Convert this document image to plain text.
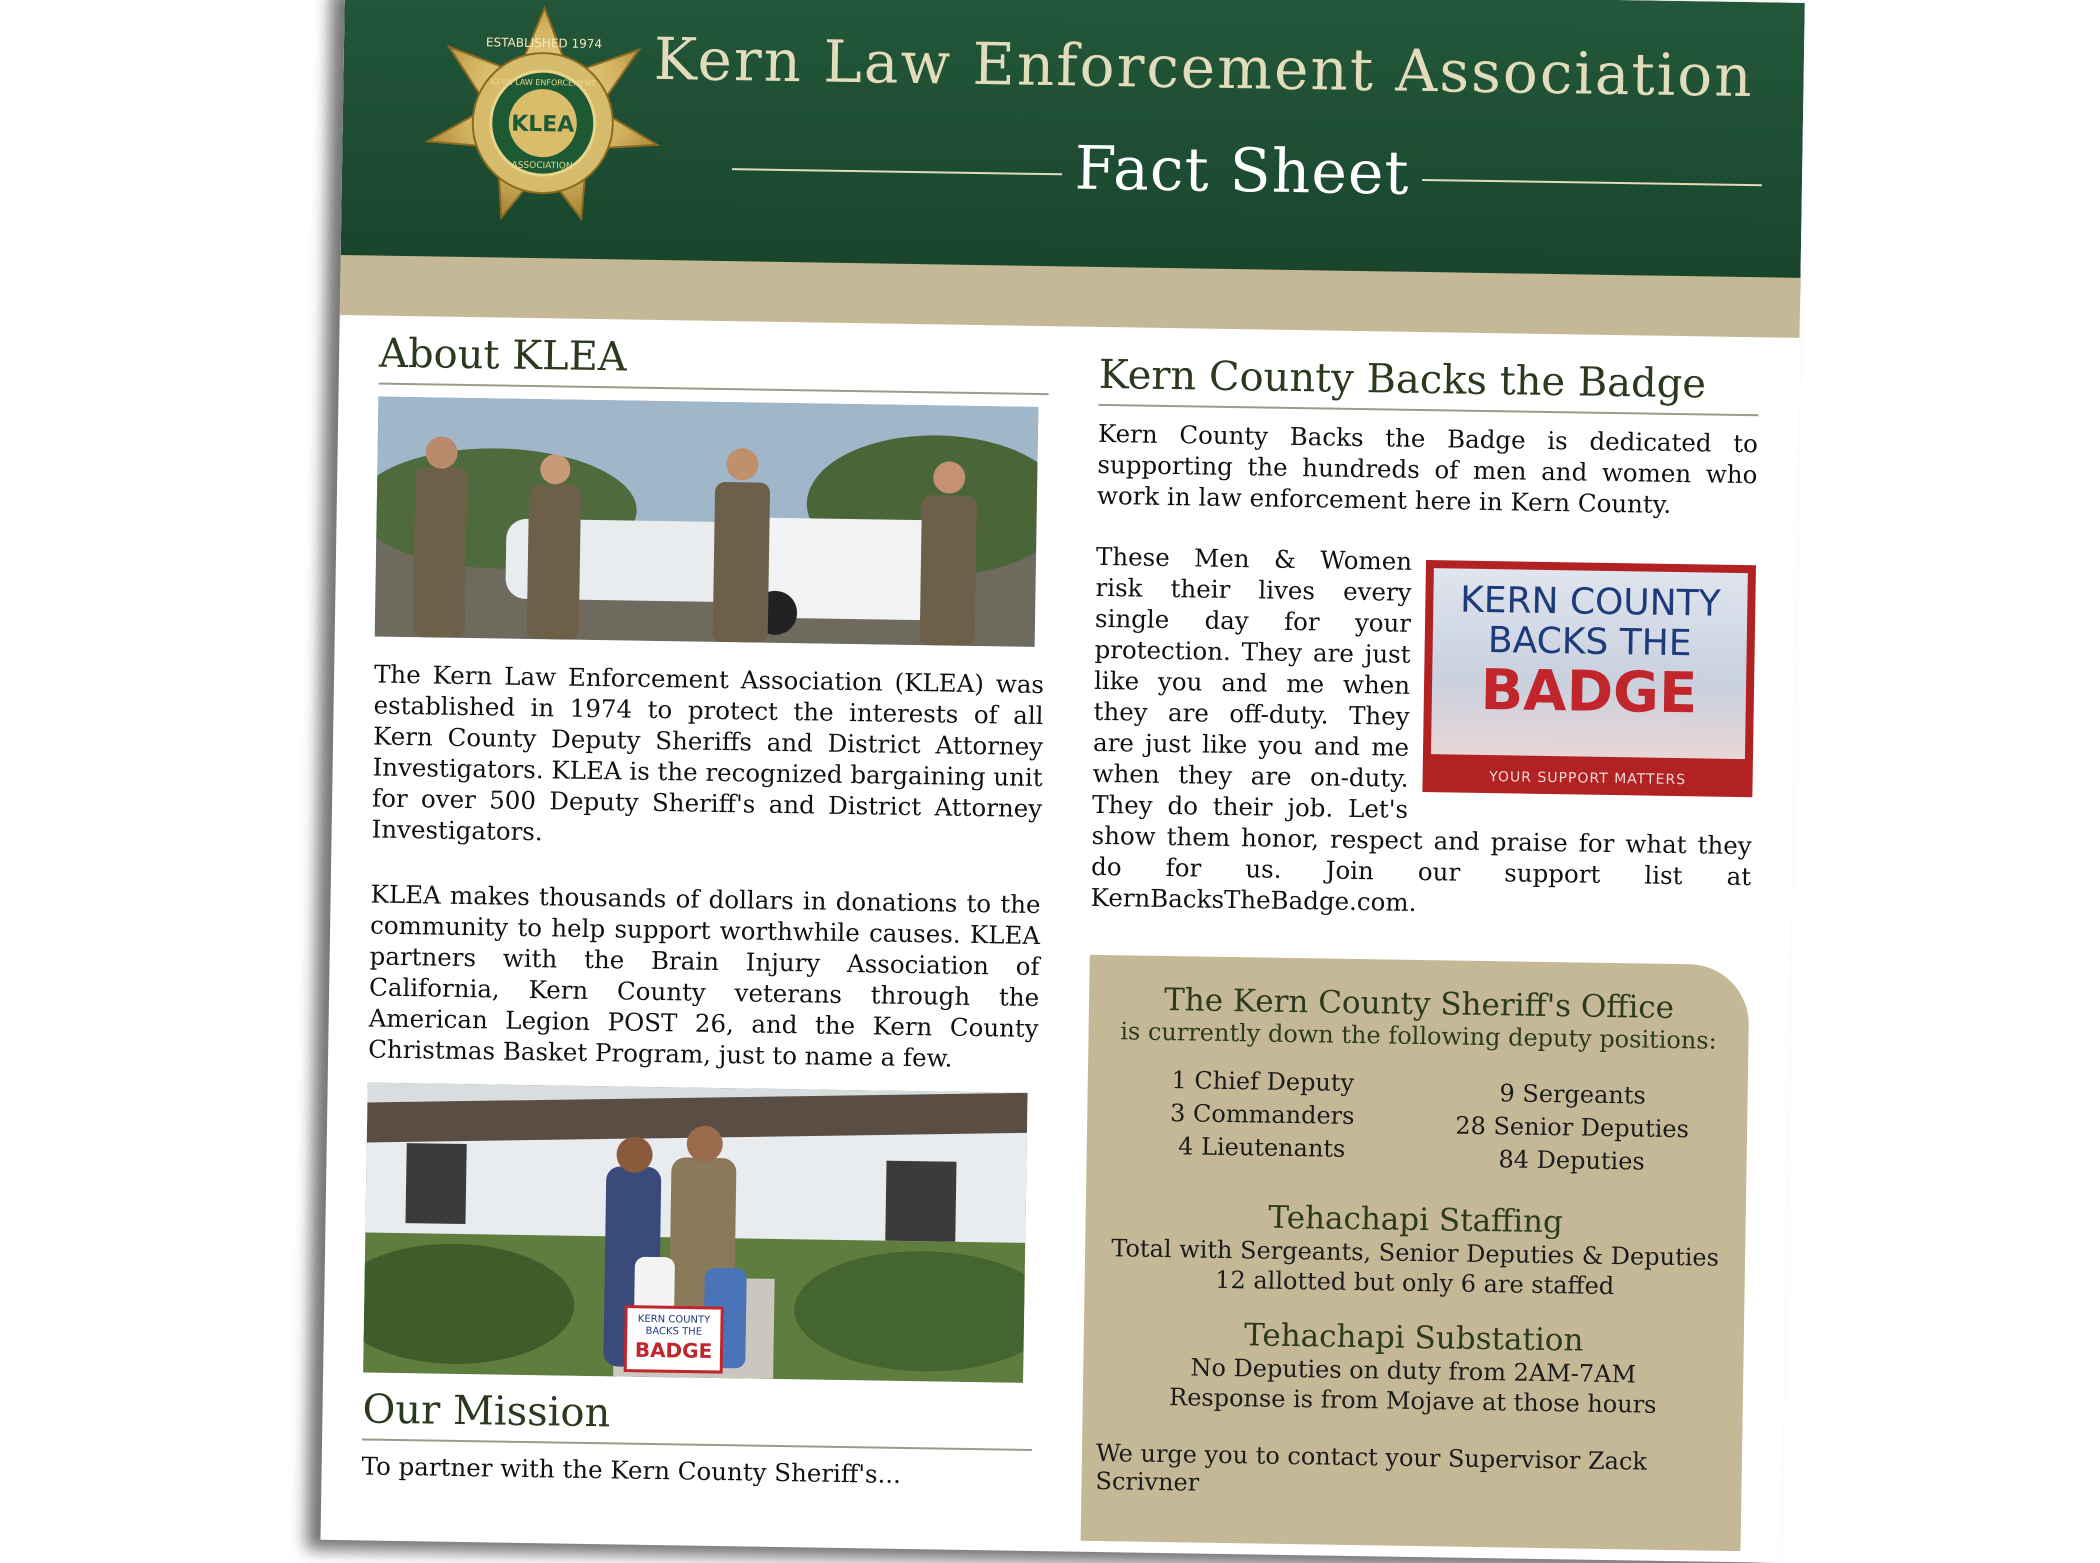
KLEA
ESTABLISHED 1974
KERN LAW ENFORCEMENT
ASSOCIATION
Kern Law Enforcement Association
Fact Sheet
About KLEA

The Kern Law Enforcement Association (KLEA) was established in 1974 to protect the interests of all Kern County Deputy Sheriffs and District Attorney Investigators. KLEA is the recognized bargaining unit for over 500 Deputy Sheriff's and District Attorney Investigators.

KLEA makes thousands of dollars in donations to the community to help support worthwhile causes. KLEA partners with the Brain Injury Association of California, Kern County veterans through the American Legion POST 26, and the Kern County Christmas Basket Program, just to name a few.

KERN COUNTY
BACKS THE
BADGE
Our Mission

To partner with the Kern County Sheriff's...

Kern County Backs the Badge

Kern County Backs the Badge is dedicated to supporting the hundreds of men and women who work in law enforcement here in Kern County.

KERN COUNTY
BACKS THE
BADGE
YOUR SUPPORT MATTERS

These Men & Women risk their lives every single day for your protection. They are just like you and me when they are off-duty. They are just like you and me when they are on-duty. They do their job. Let's show them honor, respect and praise for what they do for us. Join our support list at KernBacksTheBadge.com.

The Kern County Sheriff's Office

is currently down the following deputy positions:

1 Chief Deputy
3 Commanders
4 Lieutenants
9 Sergeants
28 Senior Deputies
84 Deputies
Tehachapi Staffing
Total with Sergeants, Senior Deputies & Deputies
12 allotted but only 6 are staffed
Tehachapi Substation
No Deputies on duty from 2AM-7AM
Response is from Mojave at those hours
We urge you to contact your Supervisor Zack Scrivner
